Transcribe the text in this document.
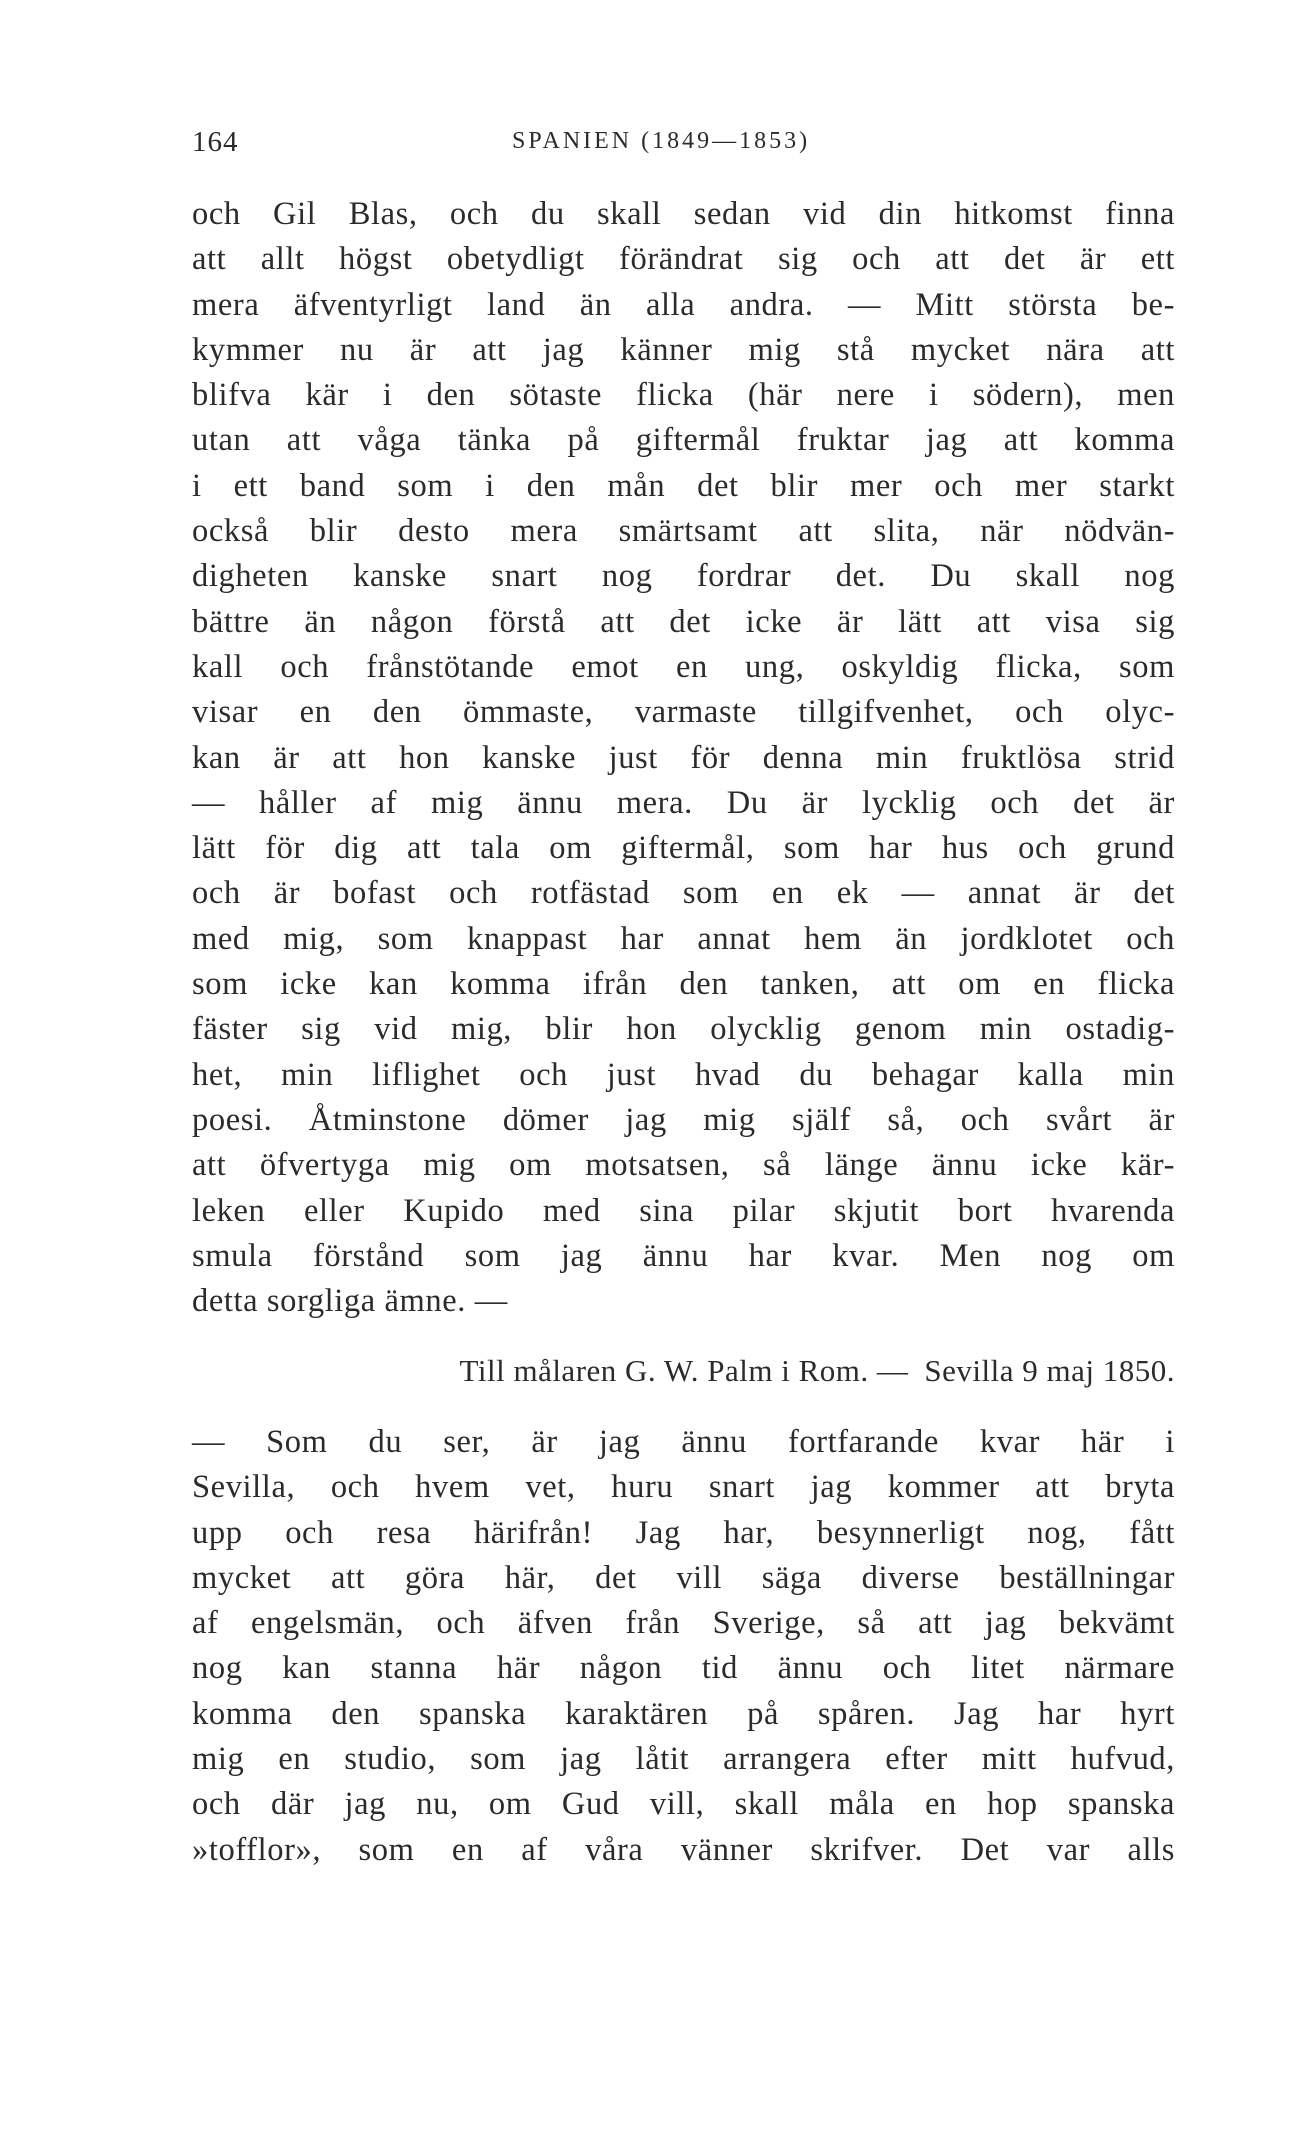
164	SPANIEN (1849—1853)
och Gil Blas, och du skall sedan vid din hitkomst finna
att allt högst obetydligt förändrat sig och att det är ett
mera äfventyrligt land än alla andra. — Mitt största be-
kymmer nu är att jag känner mig stå mycket nära att
blifva kär i den sötaste flicka (här nere i södern), men
utan att våga tänka på giftermål fruktar jag att komma
i ett band som i den mån det blir mer och mer starkt
också blir desto mera smärtsamt att slita, när nödvän-
digheten kanske snart nog fordrar det. Du skall nog
bättre än någon förstå att det icke är lätt att visa sig
kall och frånstötande emot en ung, oskyldig flicka, som
visar en den ömmaste, varmaste tillgifvenhet, och olyc-
kan är att hon kanske just för denna min fruktlösa strid
— håller af mig ännu mera. Du är lycklig och det är
lätt för dig att tala om giftermål, som har hus och grund
och är bofast och rotfästad som en ek — annat är det
med mig, som knappast har annat hem än jordklotet och
som icke kan komma ifrån den tanken, att om en flicka
fäster sig vid mig, blir hon olycklig genom min ostadig-
het, min liflighet och just hvad du behagar kalla min
poesi. Åtminstone dömer jag mig själf så, och svårt är
att öfvertyga mig om motsatsen, så länge ännu icke kär-
leken eller Kupido med sina pilar skjutit bort hvarenda
smula förstånd som jag ännu har kvar. Men nog om
detta sorgliga ämne. —
Till målaren G. W. Palm i Rom. — Sevilla 9 maj 1850.
— Som du ser, är jag ännu fortfarande kvar här i
Sevilla, och hvem vet, huru snart jag kommer att bryta
upp och resa härifrån! Jag har, besynnerligt nog, fått
mycket att göra här, det vill säga diverse beställningar
af engelsmän, och äfven från Sverige, så att jag bekvämt
nog kan stanna här någon tid ännu och litet närmare
komma den spanska karaktären på spåren. Jag har hyrt
mig en studio, som jag låtit arrangera efter mitt hufvud,
och där jag nu, om Gud vill, skall måla en hop spanska
»tofflor», som en af våra vänner skrifver. Det var alls
